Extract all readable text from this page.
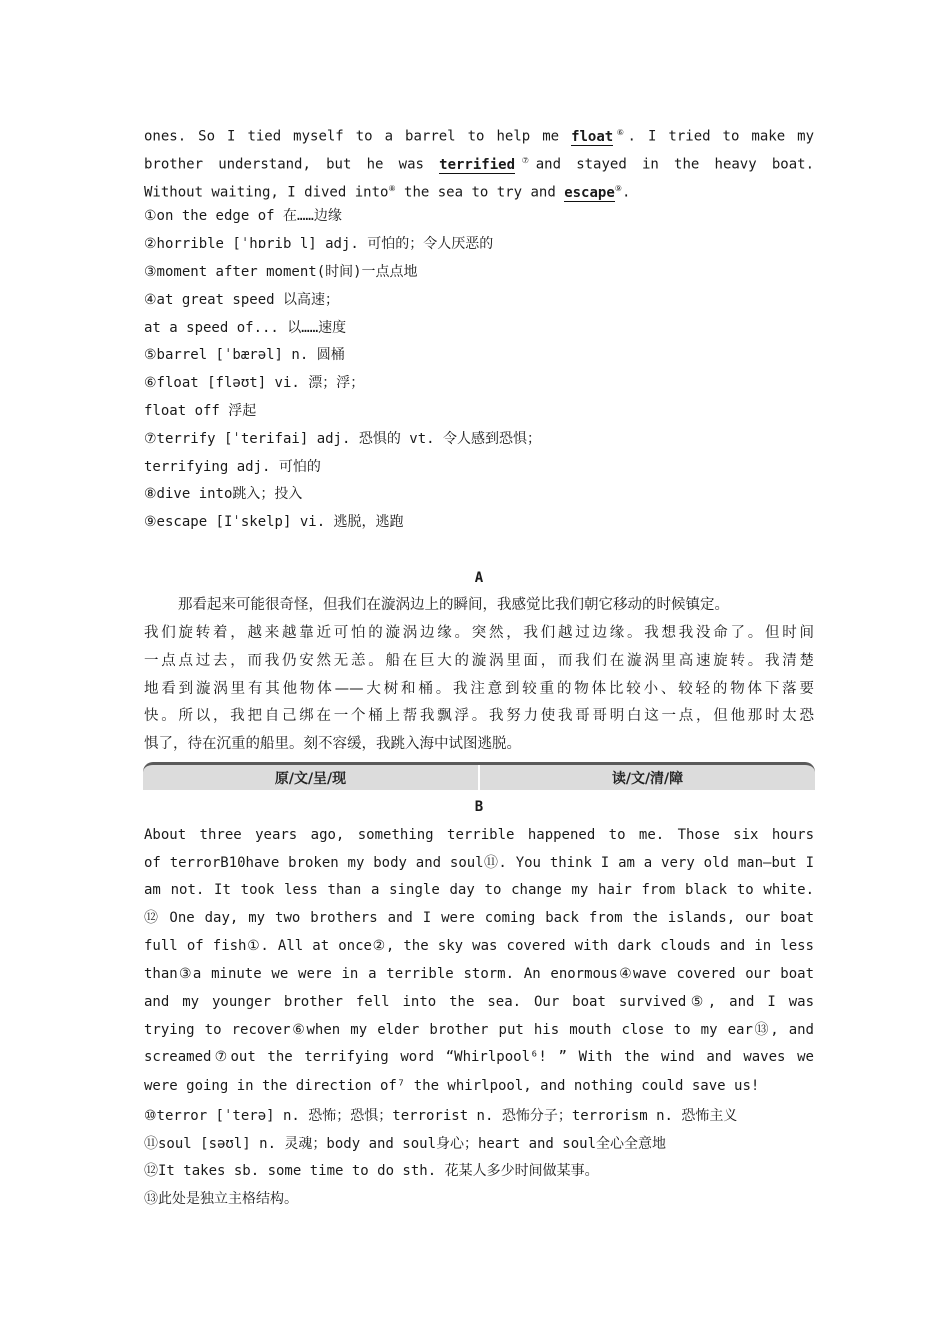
ones. So I tied myself to a barrel to help me float⑥. I tried to make my
brother understand, but he was terrified⑦and stayed in the heavy boat.
Without waiting, I dived into⑧ the sea to try and escape⑨.
①on the edge of 在……边缘
②horrible [ˈhɒrib l] adj. 可怕的；令人厌恶的
③moment after moment(时间)一点点地
④at great speed 以高速；
at a speed of... 以……速度
⑤barrel [ˈbærəl] n. 圆桶
⑥float [fləʊt] vi. 漂；浮；
float off 浮起
⑦terrify [ˈterifai] adj. 恐惧的 vt. 令人感到恐惧；
terrifying adj. 可怕的
⑧dive into跳入；投入
⑨escape [Iˈskelp] vi. 逃脱，逃跑
A
那看起来可能很奇怪，但我们在漩涡边上的瞬间，我感觉比我们朝它移动的时候镇定。
我们旋转着，越来越靠近可怕的漩涡边缘。突然，我们越过边缘。我想我没命了。但时间
一点点过去，而我仍安然无恙。船在巨大的漩涡里面，而我们在漩涡里高速旋转。我清楚
地看到漩涡里有其他物体——大树和桶。我注意到较重的物体比较小、较轻的物体下落要
快。所以，我把自己绑在一个桶上帮我飘浮。我努力使我哥哥明白这一点，但他那时太恐
惧了，待在沉重的船里。刻不容缓，我跳入海中试图逃脱。
原/文/呈/现	读/文/清/障
B
About three years ago, something terrible happened to me. Those six hours
of terrorB10have broken my body and soul⑪. You think I am a very old man—but I
am not. It took less than a single day to change my hair from black to white.
⑫ One day, my two brothers and I were coming back from the islands, our boat
full of fish①. All at once②, the sky was covered with dark clouds and in less
than③a minute we were in a terrible storm. An enormous④wave covered our boat
and my younger brother fell into the sea. Our boat survived⑤, and I was
trying to recover⑥when my elder brother put his mouth close to my ear⑬, and
screamed⑦out the terrifying word “Whirlpool⁶! ” With the wind and waves we
were going in the direction of⁷ the whirlpool, and nothing could save us!
⑩terror [ˈterə] n. 恐怖；恐惧；terrorist n. 恐怖分子；terrorism n. 恐怖主义
⑪soul [səʊl] n. 灵魂；body and soul身心；heart and soul全心全意地
⑫It takes sb. some time to do sth. 花某人多少时间做某事。
⑬此处是独立主格结构。
